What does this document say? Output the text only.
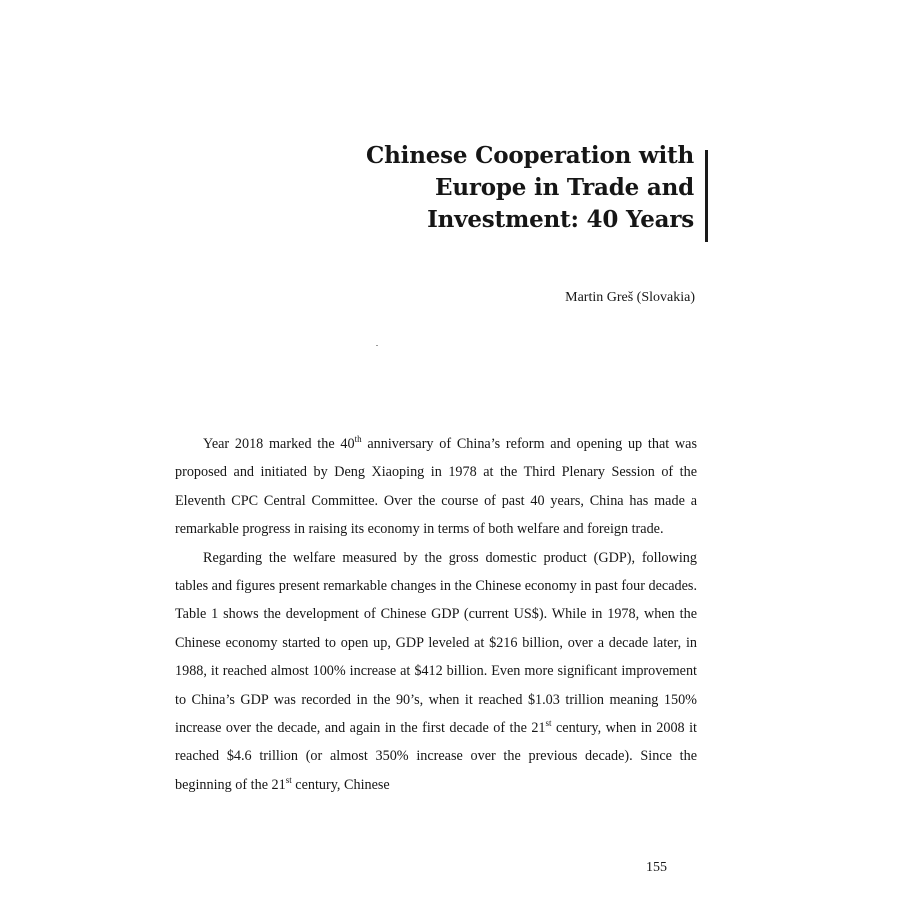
Chinese Cooperation with
Europe in Trade and
Investment: 40 Years
Martin Greš (Slovakia)

Year 2018 marked the 40th anniversary of China’s reform and opening up that was proposed and initiated by Deng Xiaoping in 1978 at the Third Plenary Session of the Eleventh CPC Central Committee. Over the course of past 40 years, China has made a remarkable progress in raising its economy in terms of both welfare and foreign trade.

Regarding the welfare measured by the gross domestic product (GDP), following tables and figures present remarkable changes in the Chinese economy in past four decades. Table 1 shows the development of Chinese GDP (current US$). While in 1978, when the Chinese economy started to open up, GDP leveled at $216 billion, over a decade later, in 1988, it reached almost 100% increase at $412 billion. Even more significant improvement to China’s GDP was recorded in the 90’s, when it reached $1.03 trillion meaning 150% increase over the decade, and again in the first decade of the 21st century, when in 2008 it reached $4.6 trillion (or almost 350% increase over the previous decade). Since the beginning of the 21st century, Chinese

155
